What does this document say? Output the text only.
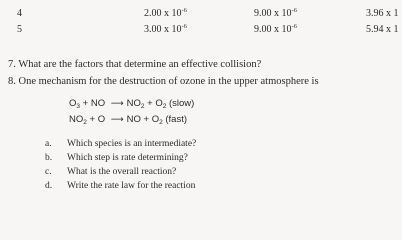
4	2.00 x $10^{-6}$	9.00 x $10^{-6}$	3.96 x 1
5	3.00 x $10^{-6}$	9.00 x $10^{-6}$	5.94 x 1
7. What are the factors that determine an effective collision?
8. One mechanism for the destruction of ozone in the upper atmosphere is
$O_3$ + NO ⟶ $NO_2 + O_2$ (slow)
$NO_2 + O$ ⟶ NO + $O_2$ (fast)
a. Which species is an intermediate?
b. Which step is rate determining?
c. What is the overall reaction?
d. Write the rate law for the reaction
